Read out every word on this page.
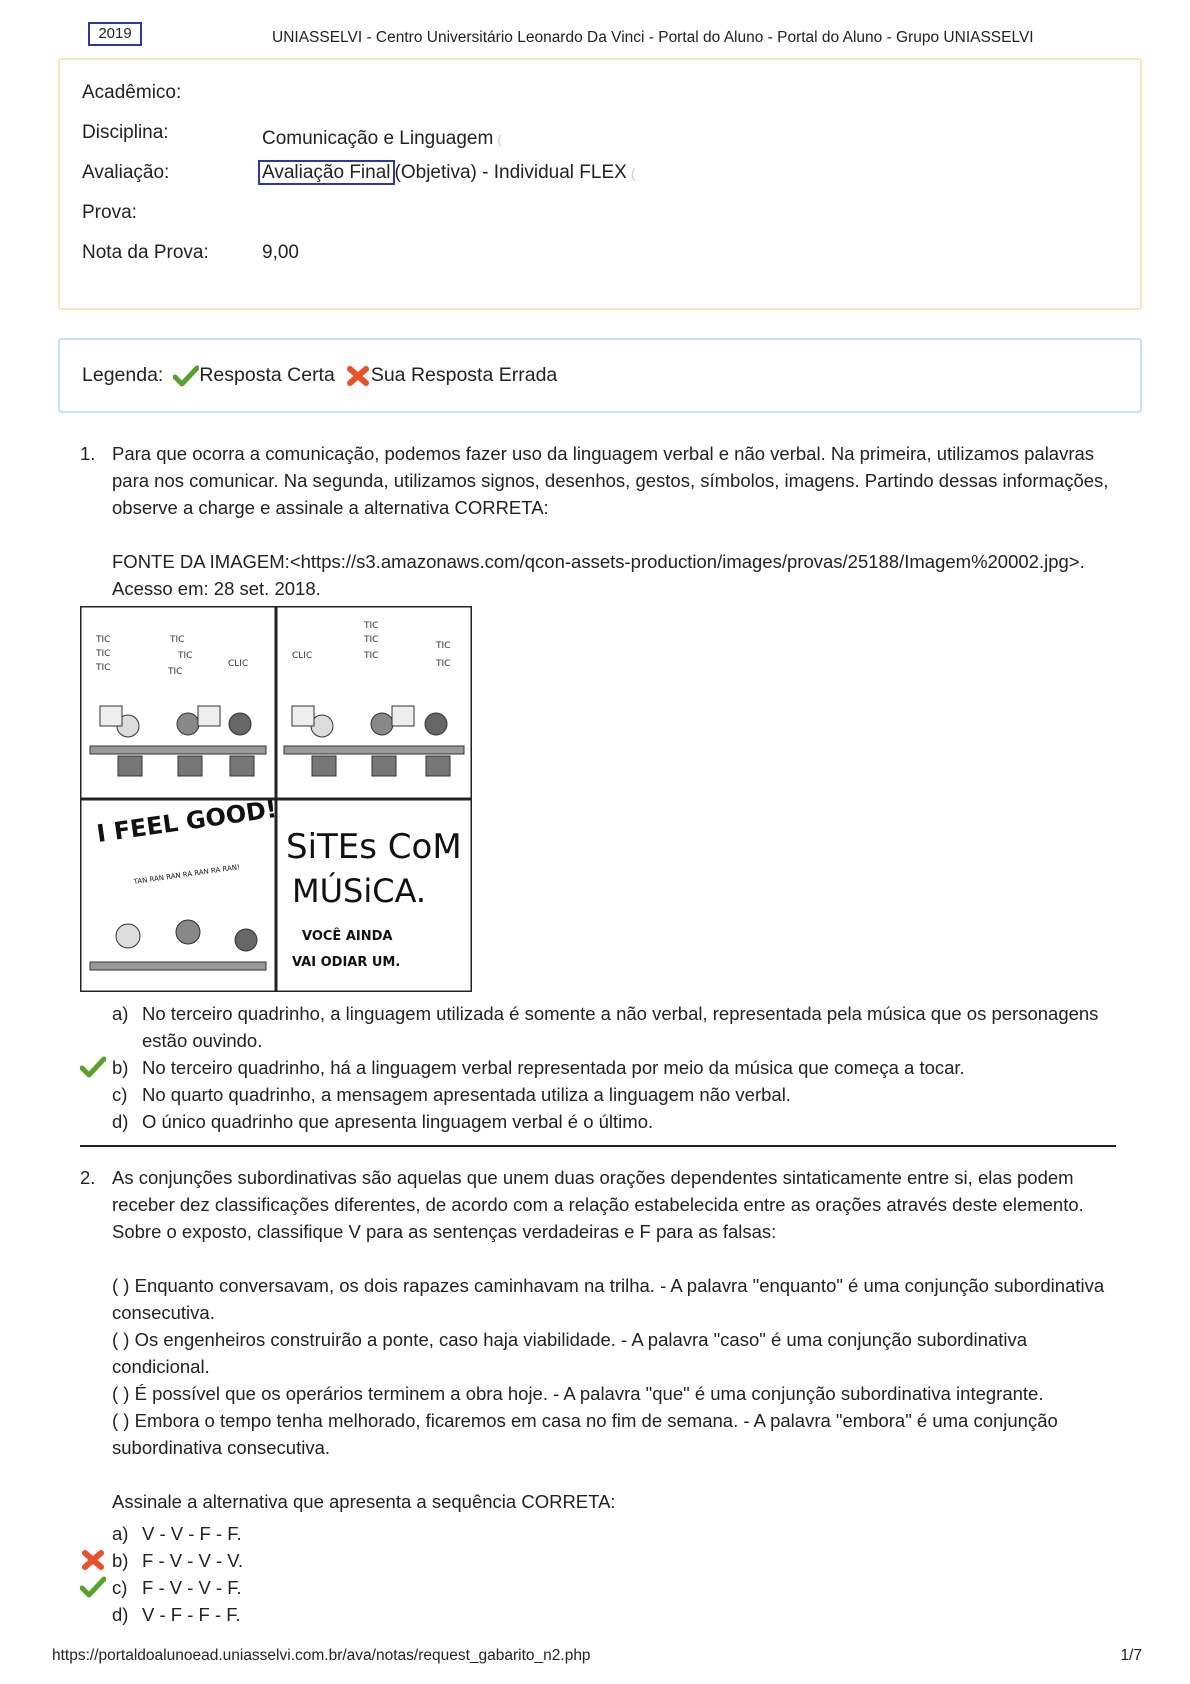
2019	UNIASSELVI - Centro Universitário Leonardo Da Vinci - Portal do Aluno - Portal do Aluno - Grupo UNIASSELVI
Acadêmico:
Disciplina:	Comunicação e Linguagem (
Avaliação:	Avaliação Final (Objetiva) - Individual FLEX (
Prova:
Nota da Prova:	9,00
Legenda: Resposta Certa Sua Resposta Errada
1. Para que ocorra a comunicação, podemos fazer uso da linguagem verbal e não verbal. Na primeira, utilizamos palavras para nos comunicar. Na segunda, utilizamos signos, desenhos, gestos, símbolos, imagens. Partindo dessas informações, observe a charge e assinale a alternativa CORRETA:

FONTE DA IMAGEM:<https://s3.amazonaws.com/qcon-assets-production/images/provas/25188/Imagem%20002.jpg>. Acesso em: 28 set. 2018.

TIC
TIC
TIC
TIC
TIC
TIC
CLIC
TIC
TIC
TIC
CLIC
TIC
TIC
I FEEL GOOD!
TAN RAN RAN RA RAN RA RAN!
SiTEs CoM
MÚSiCA.
VOCÊ AINDA
VAI ODIAR UM.
a) No terceiro quadrinho, a linguagem utilizada é somente a não verbal, representada pela música que os personagens estão ouvindo.
b) No terceiro quadrinho, há a linguagem verbal representada por meio da música que começa a tocar.
c) No quarto quadrinho, a mensagem apresentada utiliza a linguagem não verbal.
d) O único quadrinho que apresenta linguagem verbal é o último.
2. As conjunções subordinativas são aquelas que unem duas orações dependentes sintaticamente entre si, elas podem receber dez classificações diferentes, de acordo com a relação estabelecida entre as orações através deste elemento. Sobre o exposto, classifique V para as sentenças verdadeiras e F para as falsas:

( ) Enquanto conversavam, os dois rapazes caminhavam na trilha. - A palavra "enquanto" é uma conjunção subordinativa consecutiva.

( ) Os engenheiros construirão a ponte, caso haja viabilidade. - A palavra "caso" é uma conjunção subordinativa condicional.

( ) É possível que os operários terminem a obra hoje. - A palavra "que" é uma conjunção subordinativa integrante.

( ) Embora o tempo tenha melhorado, ficaremos em casa no fim de semana. - A palavra "embora" é uma conjunção subordinativa consecutiva.

Assinale a alternativa que apresenta a sequência CORRETA:

a) V - V - F - F.
b) F - V - V - V.
c) F - V - V - F.
d) V - F - F - F.
https://portaldoalunoead.uniasselvi.com.br/ava/notas/request_gabarito_n2.php	1/7
